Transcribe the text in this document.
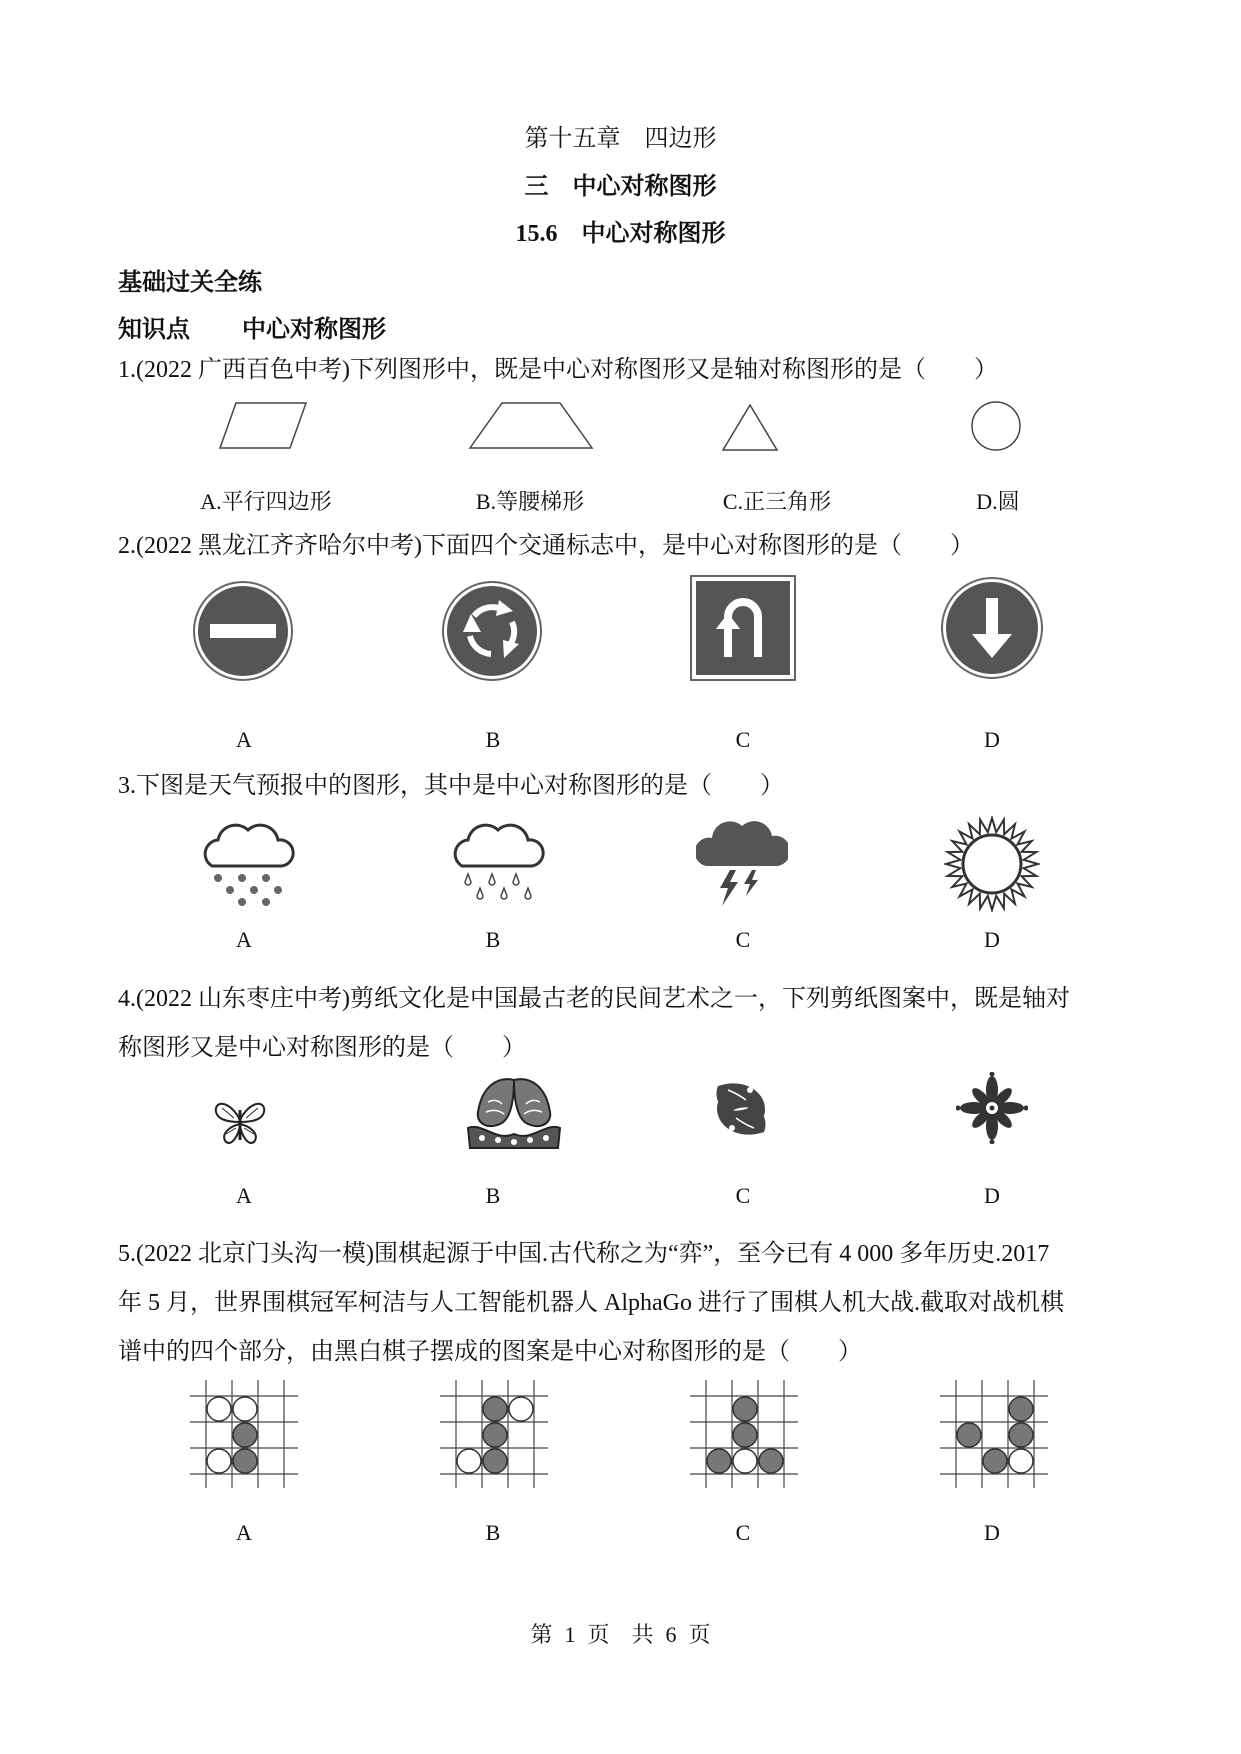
第十五章　四边形
三　中心对称图形
15.6　中心对称图形
基础过关全练
知识点 中心对称图形
1.(2022 广西百色中考)下列图形中，既是中心对称图形又是轴对称图形的是（　　）
A.平行四边形	B.等腰梯形	C.正三角形	D.圆
2.(2022 黑龙江齐齐哈尔中考)下面四个交通标志中，是中心对称图形的是（　　）
A	B	C	D
3.下图是天气预报中的图形，其中是中心对称图形的是（　　）
A	B	C	D
4.(2022 山东枣庄中考)剪纸文化是中国最古老的民间艺术之一，下列剪纸图案中，既是轴对
称图形又是中心对称图形的是（　　）
A	B	C	D
5.(2022 北京门头沟一模)围棋起源于中国.古代称之为“弈”，至今已有 4 000 多年历史.2017
年 5 月，世界围棋冠军柯洁与人工智能机器人 AlphaGo 进行了围棋人机大战.截取对战机棋
谱中的四个部分，由黑白棋子摆成的图案是中心对称图形的是（　　）
A	B	C	D
第 1 页　共 6 页
